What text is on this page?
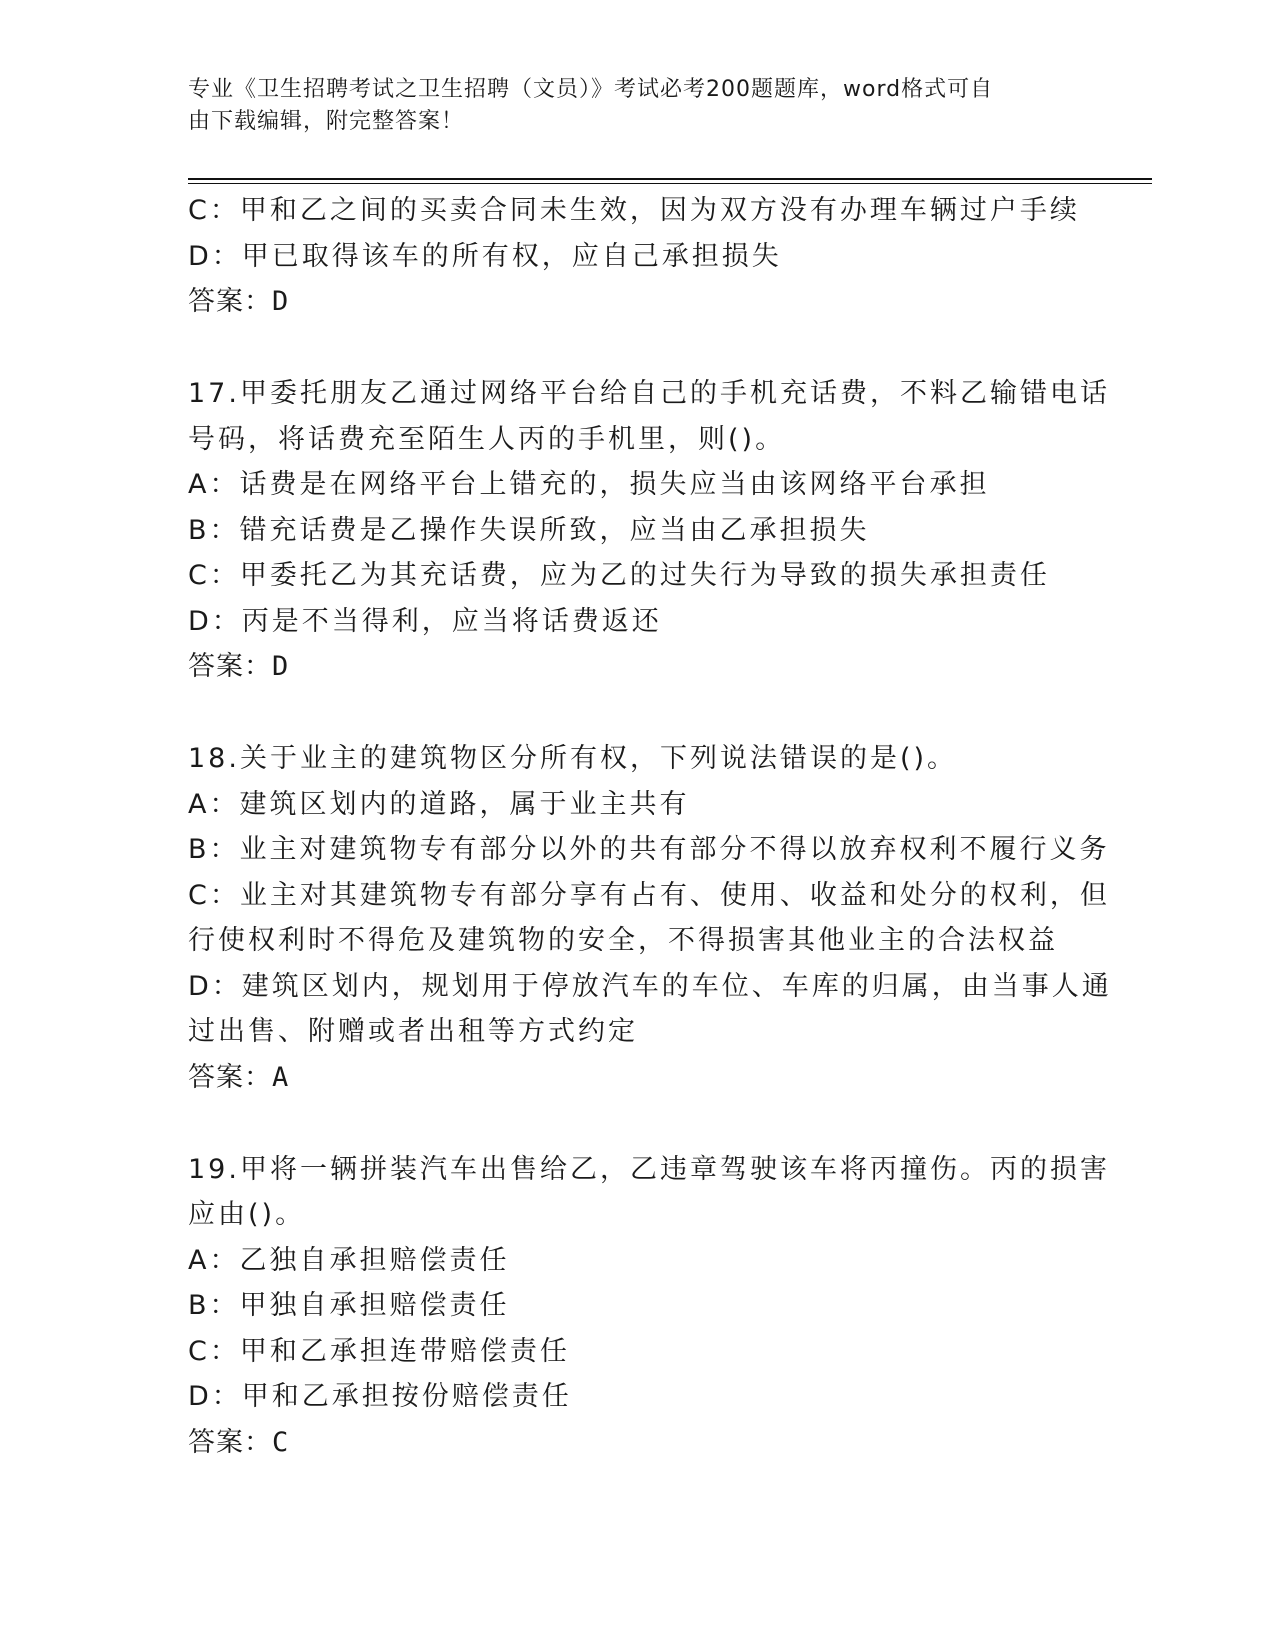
专业《卫生招聘考试之卫生招聘（文员）》考试必考200题题库，word格式可自
由下载编辑，附完整答案！
C：甲和乙之间的买卖合同未生效，因为双方没有办理车辆过户手续
D：甲已取得该车的所有权，应自己承担损失
答案：D
17.甲委托朋友乙通过网络平台给自己的手机充话费，不料乙输错电话
号码，将话费充至陌生人丙的手机里，则()。
A：话费是在网络平台上错充的，损失应当由该网络平台承担
B：错充话费是乙操作失误所致，应当由乙承担损失
C：甲委托乙为其充话费，应为乙的过失行为导致的损失承担责任
D：丙是不当得利，应当将话费返还
答案：D
18.关于业主的建筑物区分所有权，下列说法错误的是()。
A：建筑区划内的道路，属于业主共有
B：业主对建筑物专有部分以外的共有部分不得以放弃权利不履行义务
C：业主对其建筑物专有部分享有占有、使用、收益和处分的权利，但
行使权利时不得危及建筑物的安全，不得损害其他业主的合法权益
D：建筑区划内，规划用于停放汽车的车位、车库的归属，由当事人通
过出售、附赠或者出租等方式约定
答案：A
19.甲将一辆拼装汽车出售给乙，乙违章驾驶该车将丙撞伤。丙的损害
应由()。
A：乙独自承担赔偿责任
B：甲独自承担赔偿责任
C：甲和乙承担连带赔偿责任
D：甲和乙承担按份赔偿责任
答案：C
